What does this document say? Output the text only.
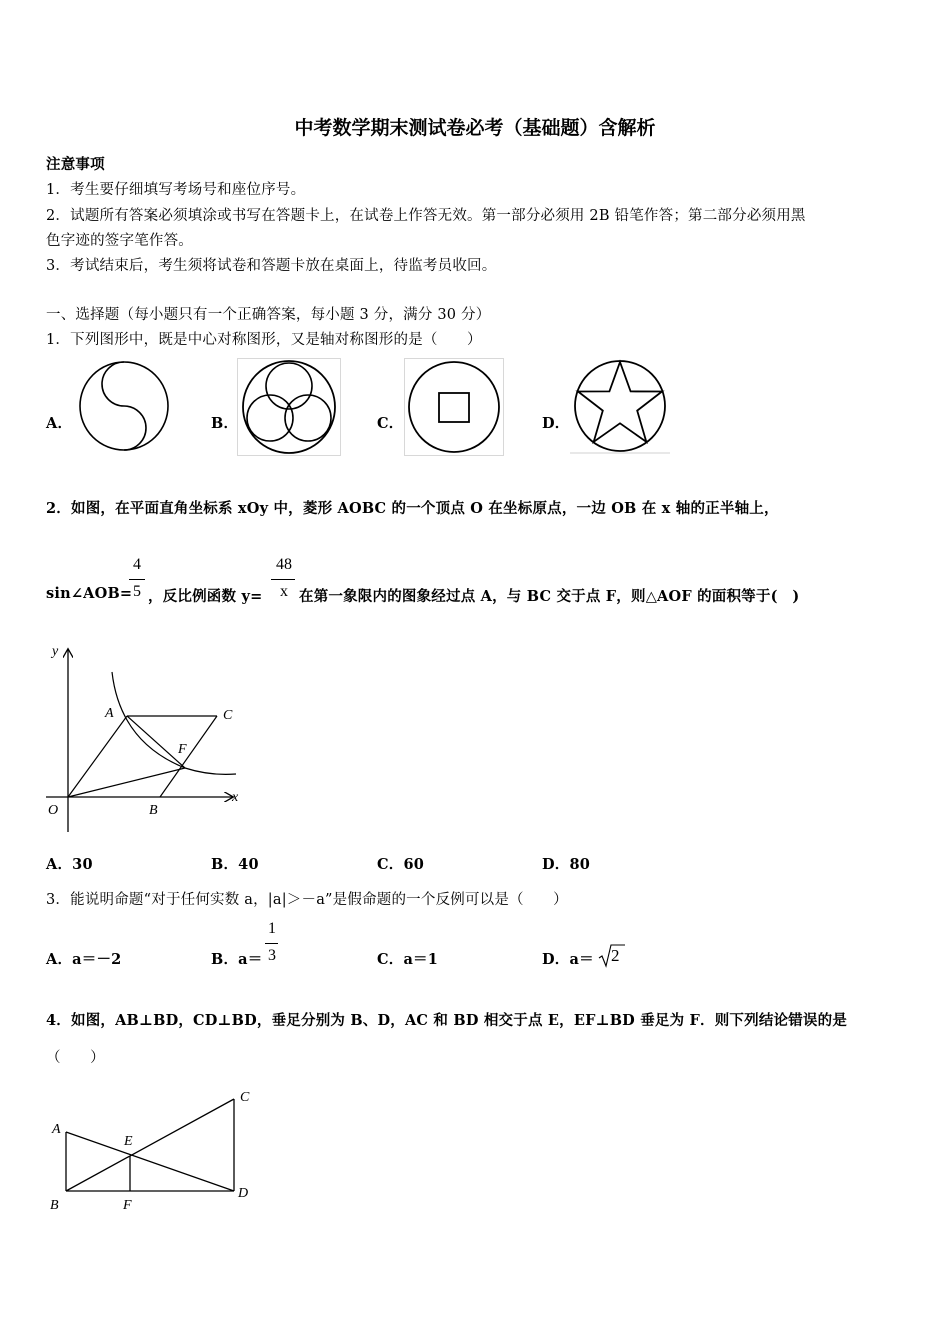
中考数学期末测试卷必考（基础题）含解析
注意事项
1．考生要仔细填写考场号和座位序号。
2．试题所有答案必须填涂或书写在答题卡上，在试卷上作答无效。第一部分必须用 2B 铅笔作答；第二部分必须用黑
色字迹的签字笔作答。
3．考试结束后，考生须将试卷和答题卡放在桌面上，待监考员收回。
一、选择题（每小题只有一个正确答案，每小题 3 分，满分 30 分）
1．下列图形中，既是中心对称图形，又是轴对称图形的是（　　）
A．	B．	C．	D．
2．如图，在平面直角坐标系 xOy 中，菱形 AOBC 的一个顶点 O 在坐标原点，一边 OB 在 x 轴的正半轴上，
sin∠AOB=
4
5 ，反比例函数 y=
48
x 在第一象限内的图象经过点 A，与 BC 交于点 F，则△AOF 的面积等于(　)
y
x
O
A
B
C
F
A．30	B．40	C．60	D．80
3．能说明命题“对于任何实数 a，|a|＞－a”是假命题的一个反例可以是（　　）
A．a＝－2	B．a＝
1
3	C．a＝1	D．a＝ 2
4．如图，AB⊥BD，CD⊥BD，垂足分别为 B、D，AC 和 BD 相交于点 E，EF⊥BD 垂足为 F．则下列结论错误的是
（　　）
A
B
C
D
E
F
